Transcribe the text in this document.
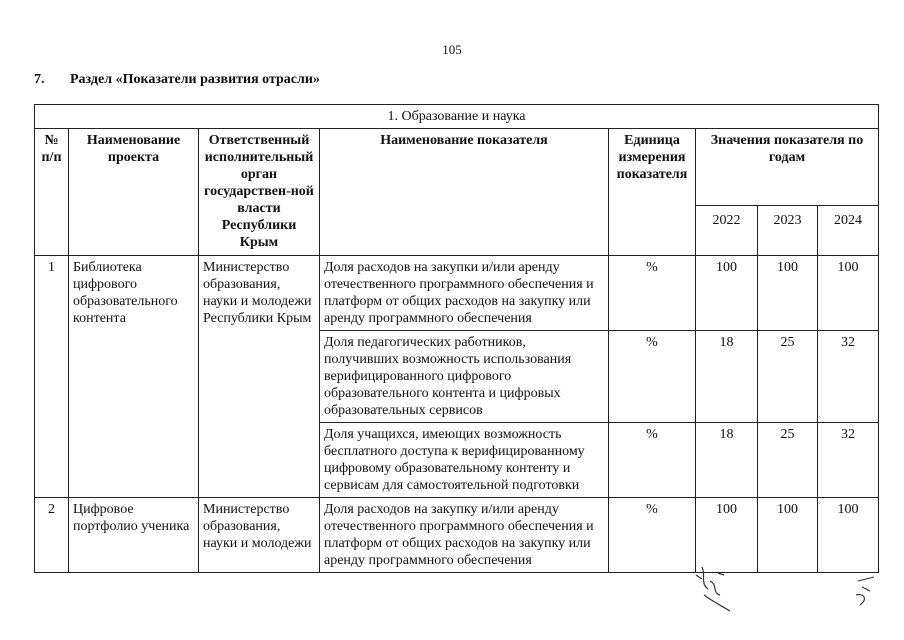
105
7. Раздел «Показатели развития отрасли»
1. Образование и наука							
№ п/п	Наименование проекта	Ответственный исполнительный орган государствен-ной власти Республики Крым	Наименование показателя	Единица измерения показателя	Значения показателя по годам		
					2022	2023	2024
1	Библиотека цифрового образовательного контента	Министерство образования, науки и молодежи Республики Крым	Доля расходов на закупки и/или аренду отечественного программного обеспечения и платформ от общих расходов на закупку или аренду программного обеспечения	%	100	100	100
			Доля педагогических работников, получивших возможность использования верифицированного цифрового образовательного контента и цифровых образовательных сервисов	%	18	25	32
			Доля учащихся, имеющих возможность бесплатного доступа к верифицированному цифровому образовательному контенту и сервисам для самостоятельной подготовки	%	18	25	32
2	Цифровое портфолио ученика	Министерство образования, науки и молодежи	Доля расходов на закупку и/или аренду отечественного программного обеспечения и платформ от общих расходов на закупку или аренду программного обеспечения	%	100	100	100
